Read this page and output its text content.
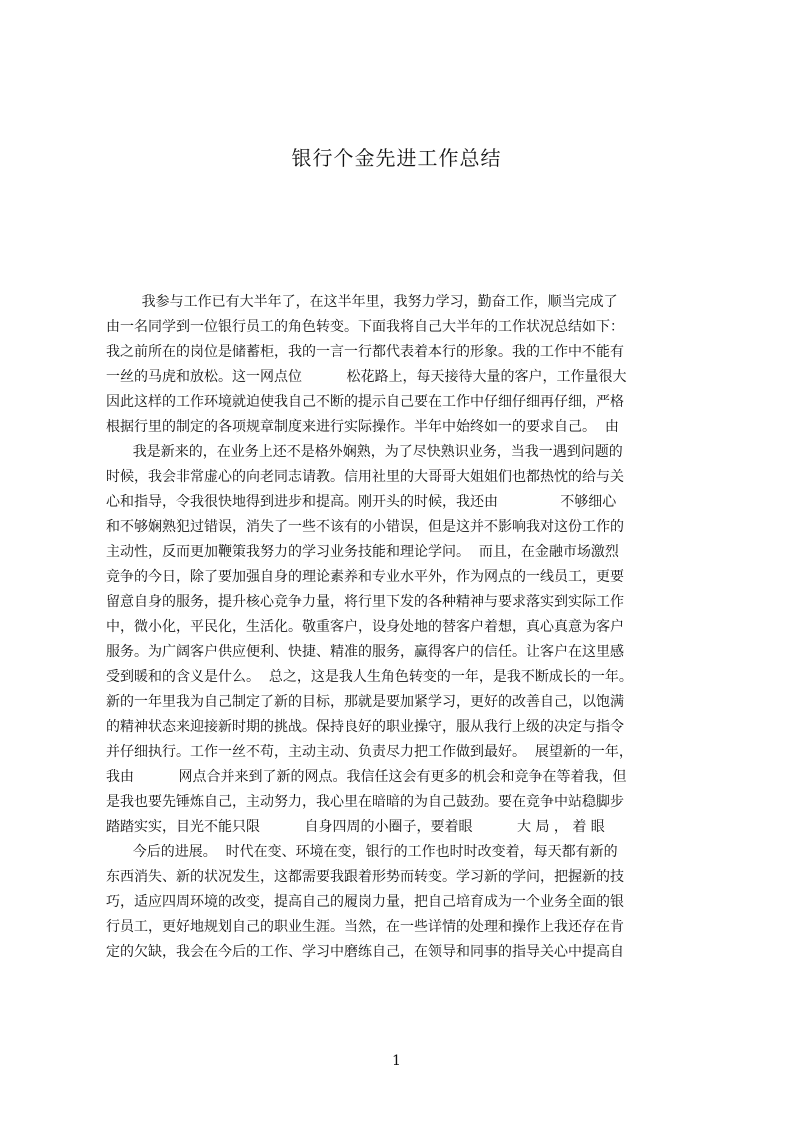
银行个金先进工作总结
我参与工作已有大半年了，在这半年里，我努力学习，勤奋工作，顺当完成了
由一名同学到一位银行员工的角色转变。下面我将自己大半年的工作状况总结如下：
我之前所在的岗位是储蓄柜，我的一言一行都代表着本行的形象。我的工作中不能有
一丝的马虎和放松。这一网点位          松花路上，每天接待大量的客户，工作量很大
因此这样的工作环境就迫使我自己不断的提示自己要在工作中仔细仔细再仔细，严格
根据行里的制定的各项规章制度来进行实际操作。半年中始终如一的要求自己。  由
我是新来的，在业务上还不是格外娴熟，为了尽快熟识业务，当我一遇到问题的
时候，我会非常虚心的向老同志请教。信用社里的大哥哥大姐姐们也都热忱的给与关
心和指导，令我很快地得到进步和提高。刚开头的时候，我还由              不够细心
和不够娴熟犯过错误，消失了一些不该有的小错误，但是这并不影响我对这份工作的
主动性，反而更加鞭策我努力的学习业务技能和理论学问。  而且，在金融市场激烈
竞争的今日，除了要加强自身的理论素养和专业水平外，作为网点的一线员工，更要
留意自身的服务，提升核心竞争力量，将行里下发的各种精神与要求落实到实际工作
中，微小化，平民化，生活化。敬重客户，设身处地的替客户着想，真心真意为客户
服务。为广阔客户供应便利、快捷、精准的服务，赢得客户的信任。让客户在这里感
受到暖和的含义是什么。  总之，这是我人生角色转变的一年，是我不断成长的一年。
新的一年里我为自己制定了新的目标，那就是要加紧学习，更好的改善自己，以饱满
的精神状态来迎接新时期的挑战。保持良好的职业操守，服从我行上级的决定与指令
并仔细执行。工作一丝不苟，主动主动、负责尽力把工作做到最好。  展望新的一年，
我由          网点合并来到了新的网点。我信任这会有更多的机会和竞争在等着我，但
是我也要先锤炼自己，主动努力，我心里在暗暗的为自己鼓劲。要在竞争中站稳脚步
踏踏实实，目光不能只限          自身四周的小圈子，要着眼          大 局 ， 着 眼
今后的进展。  时代在变、环境在变，银行的工作也时时改变着，每天都有新的
东西消失、新的状况发生，这都需要我跟着形势而转变。学习新的学问，把握新的技
巧，适应四周环境的改变，提高自己的履岗力量，把自己培育成为一个业务全面的银
行员工，更好地规划自己的职业生涯。当然，在一些详情的处理和操作上我还存在肯
定的欠缺，我会在今后的工作、学习中磨练自己，在领导和同事的指导关心中提高自
1
